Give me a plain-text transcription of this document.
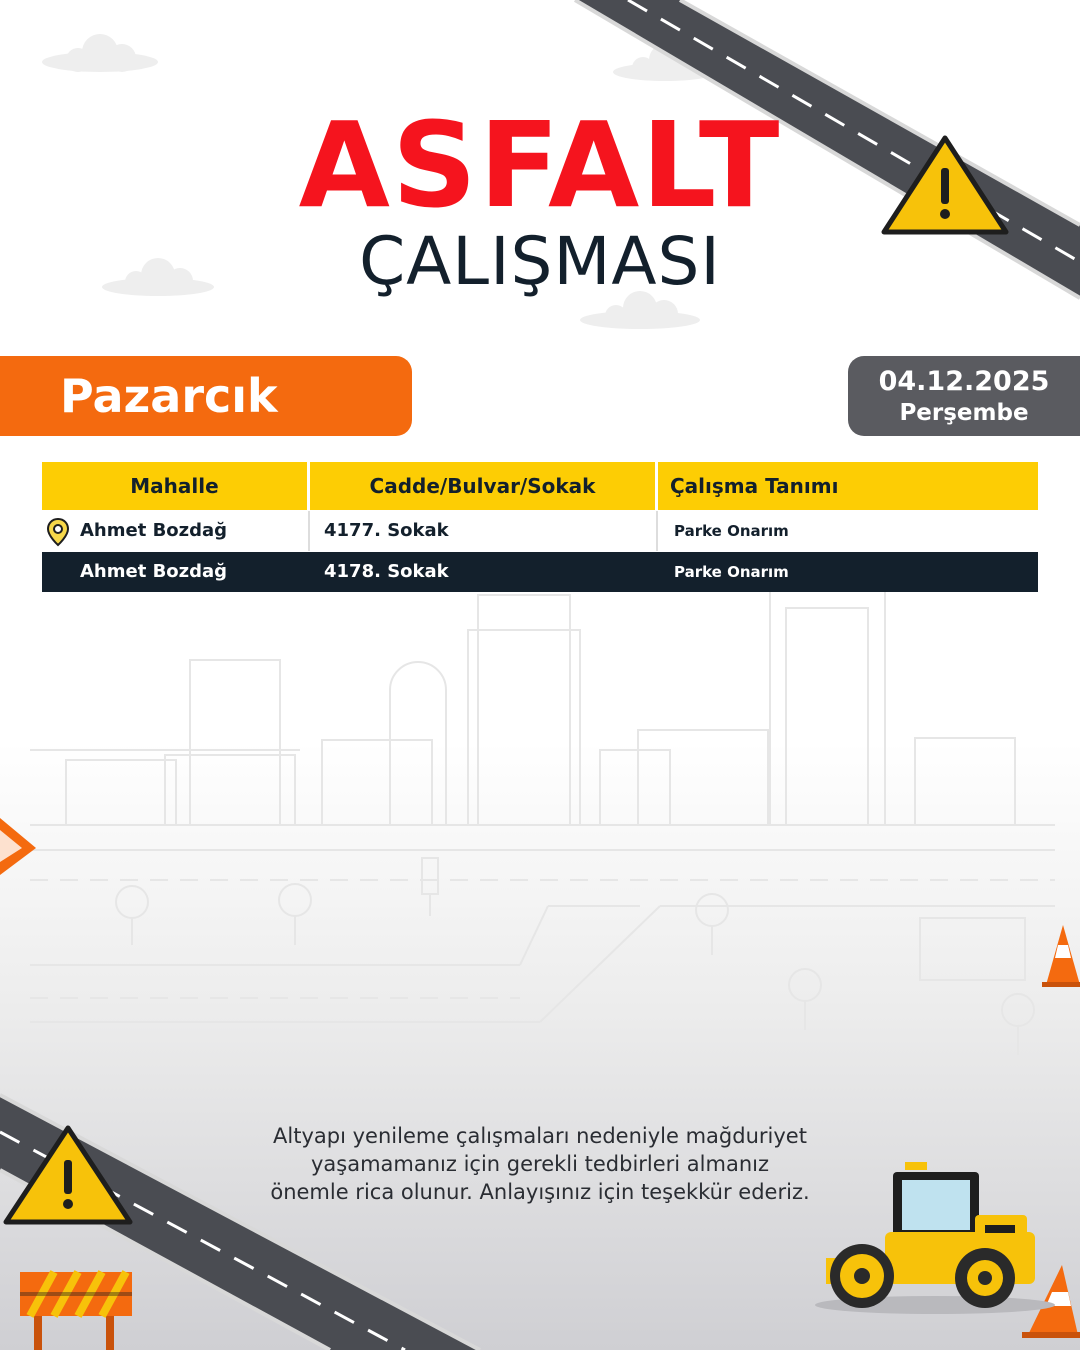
ASFALT
ÇALIŞMASI
Pazarcık	04.12.2025
Perşembe
Mahalle	Cadde/Bulvar/Sokak	Çalışma Tanımı
Ahmet Bozdağ	4177. Sokak	Parke Onarım
Ahmet Bozdağ	4178. Sokak	Parke Onarım
Altyapı yenileme çalışmaları nedeniyle mağduriyet
yaşamamanız için gerekli tedbirleri almanız
önemle rica olunur. Anlayışınız için teşekkür ederiz.
